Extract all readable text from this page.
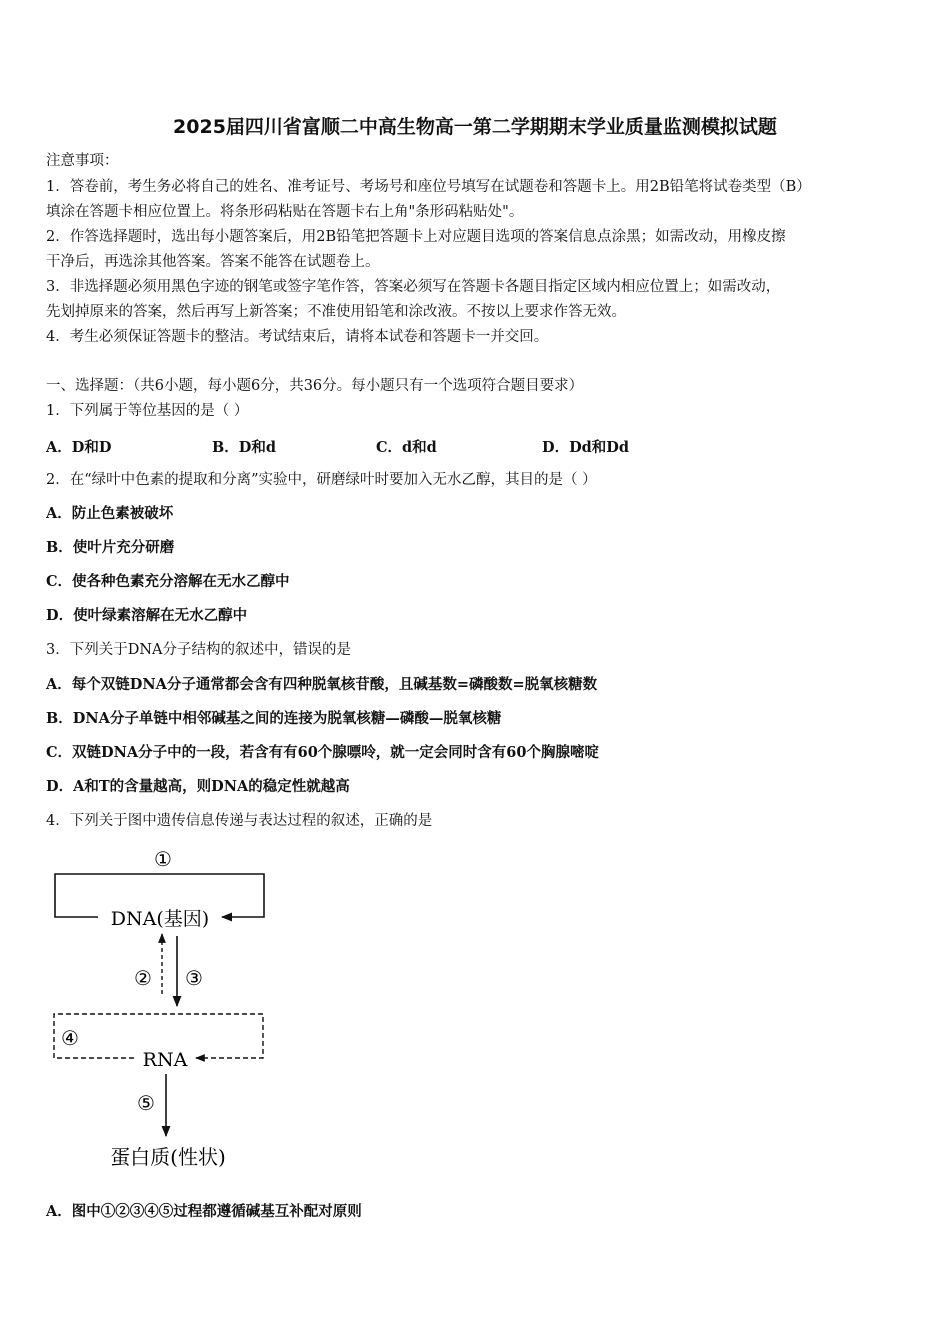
2025届四川省富顺二中高生物高一第二学期期末学业质量监测模拟试题
注意事项：
1．答卷前，考生务必将自己的姓名、准考证号、考场号和座位号填写在试题卷和答题卡上。用2B铅笔将试卷类型（B）
填涂在答题卡相应位置上。将条形码粘贴在答题卡右上角"条形码粘贴处"。
2．作答选择题时，选出每小题答案后，用2B铅笔把答题卡上对应题目选项的答案信息点涂黑；如需改动，用橡皮擦
干净后，再选涂其他答案。答案不能答在试题卷上。
3．非选择题必须用黑色字迹的钢笔或签字笔作答，答案必须写在答题卡各题目指定区域内相应位置上；如需改动，
先划掉原来的答案，然后再写上新答案；不准使用铅笔和涂改液。不按以上要求作答无效。
4．考生必须保证答题卡的整洁。考试结束后，请将本试卷和答题卡一并交回。
一、选择题：（共6小题，每小题6分，共36分。每小题只有一个选项符合题目要求）
1．下列属于等位基因的是（ ）
A．D和D	B．D和d	C．d和d	D．Dd和Dd
2．在“绿叶中色素的提取和分离”实验中，研磨绿叶时要加入无水乙醇，其目的是（ ）
A．防止色素被破坏
B．使叶片充分研磨
C．使各种色素充分溶解在无水乙醇中
D．使叶绿素溶解在无水乙醇中
3．下列关于DNA分子结构的叙述中，错误的是
A．每个双链DNA分子通常都会含有四种脱氧核苷酸，且碱基数=磷酸数=脱氧核糖数
B．DNA分子单链中相邻碱基之间的连接为脱氧核糖—磷酸—脱氧核糖
C．双链DNA分子中的一段，若含有有60个腺嘌呤，就一定会同时含有60个胸腺嘧啶
D．A和T的含量越高，则DNA的稳定性就越高
4．下列关于图中遗传信息传递与表达过程的叙述，正确的是
①
DNA(基因)
② ③
④
RNA
⑤
蛋白质(性状)
A．图中①②③④⑤过程都遵循碱基互补配对原则
